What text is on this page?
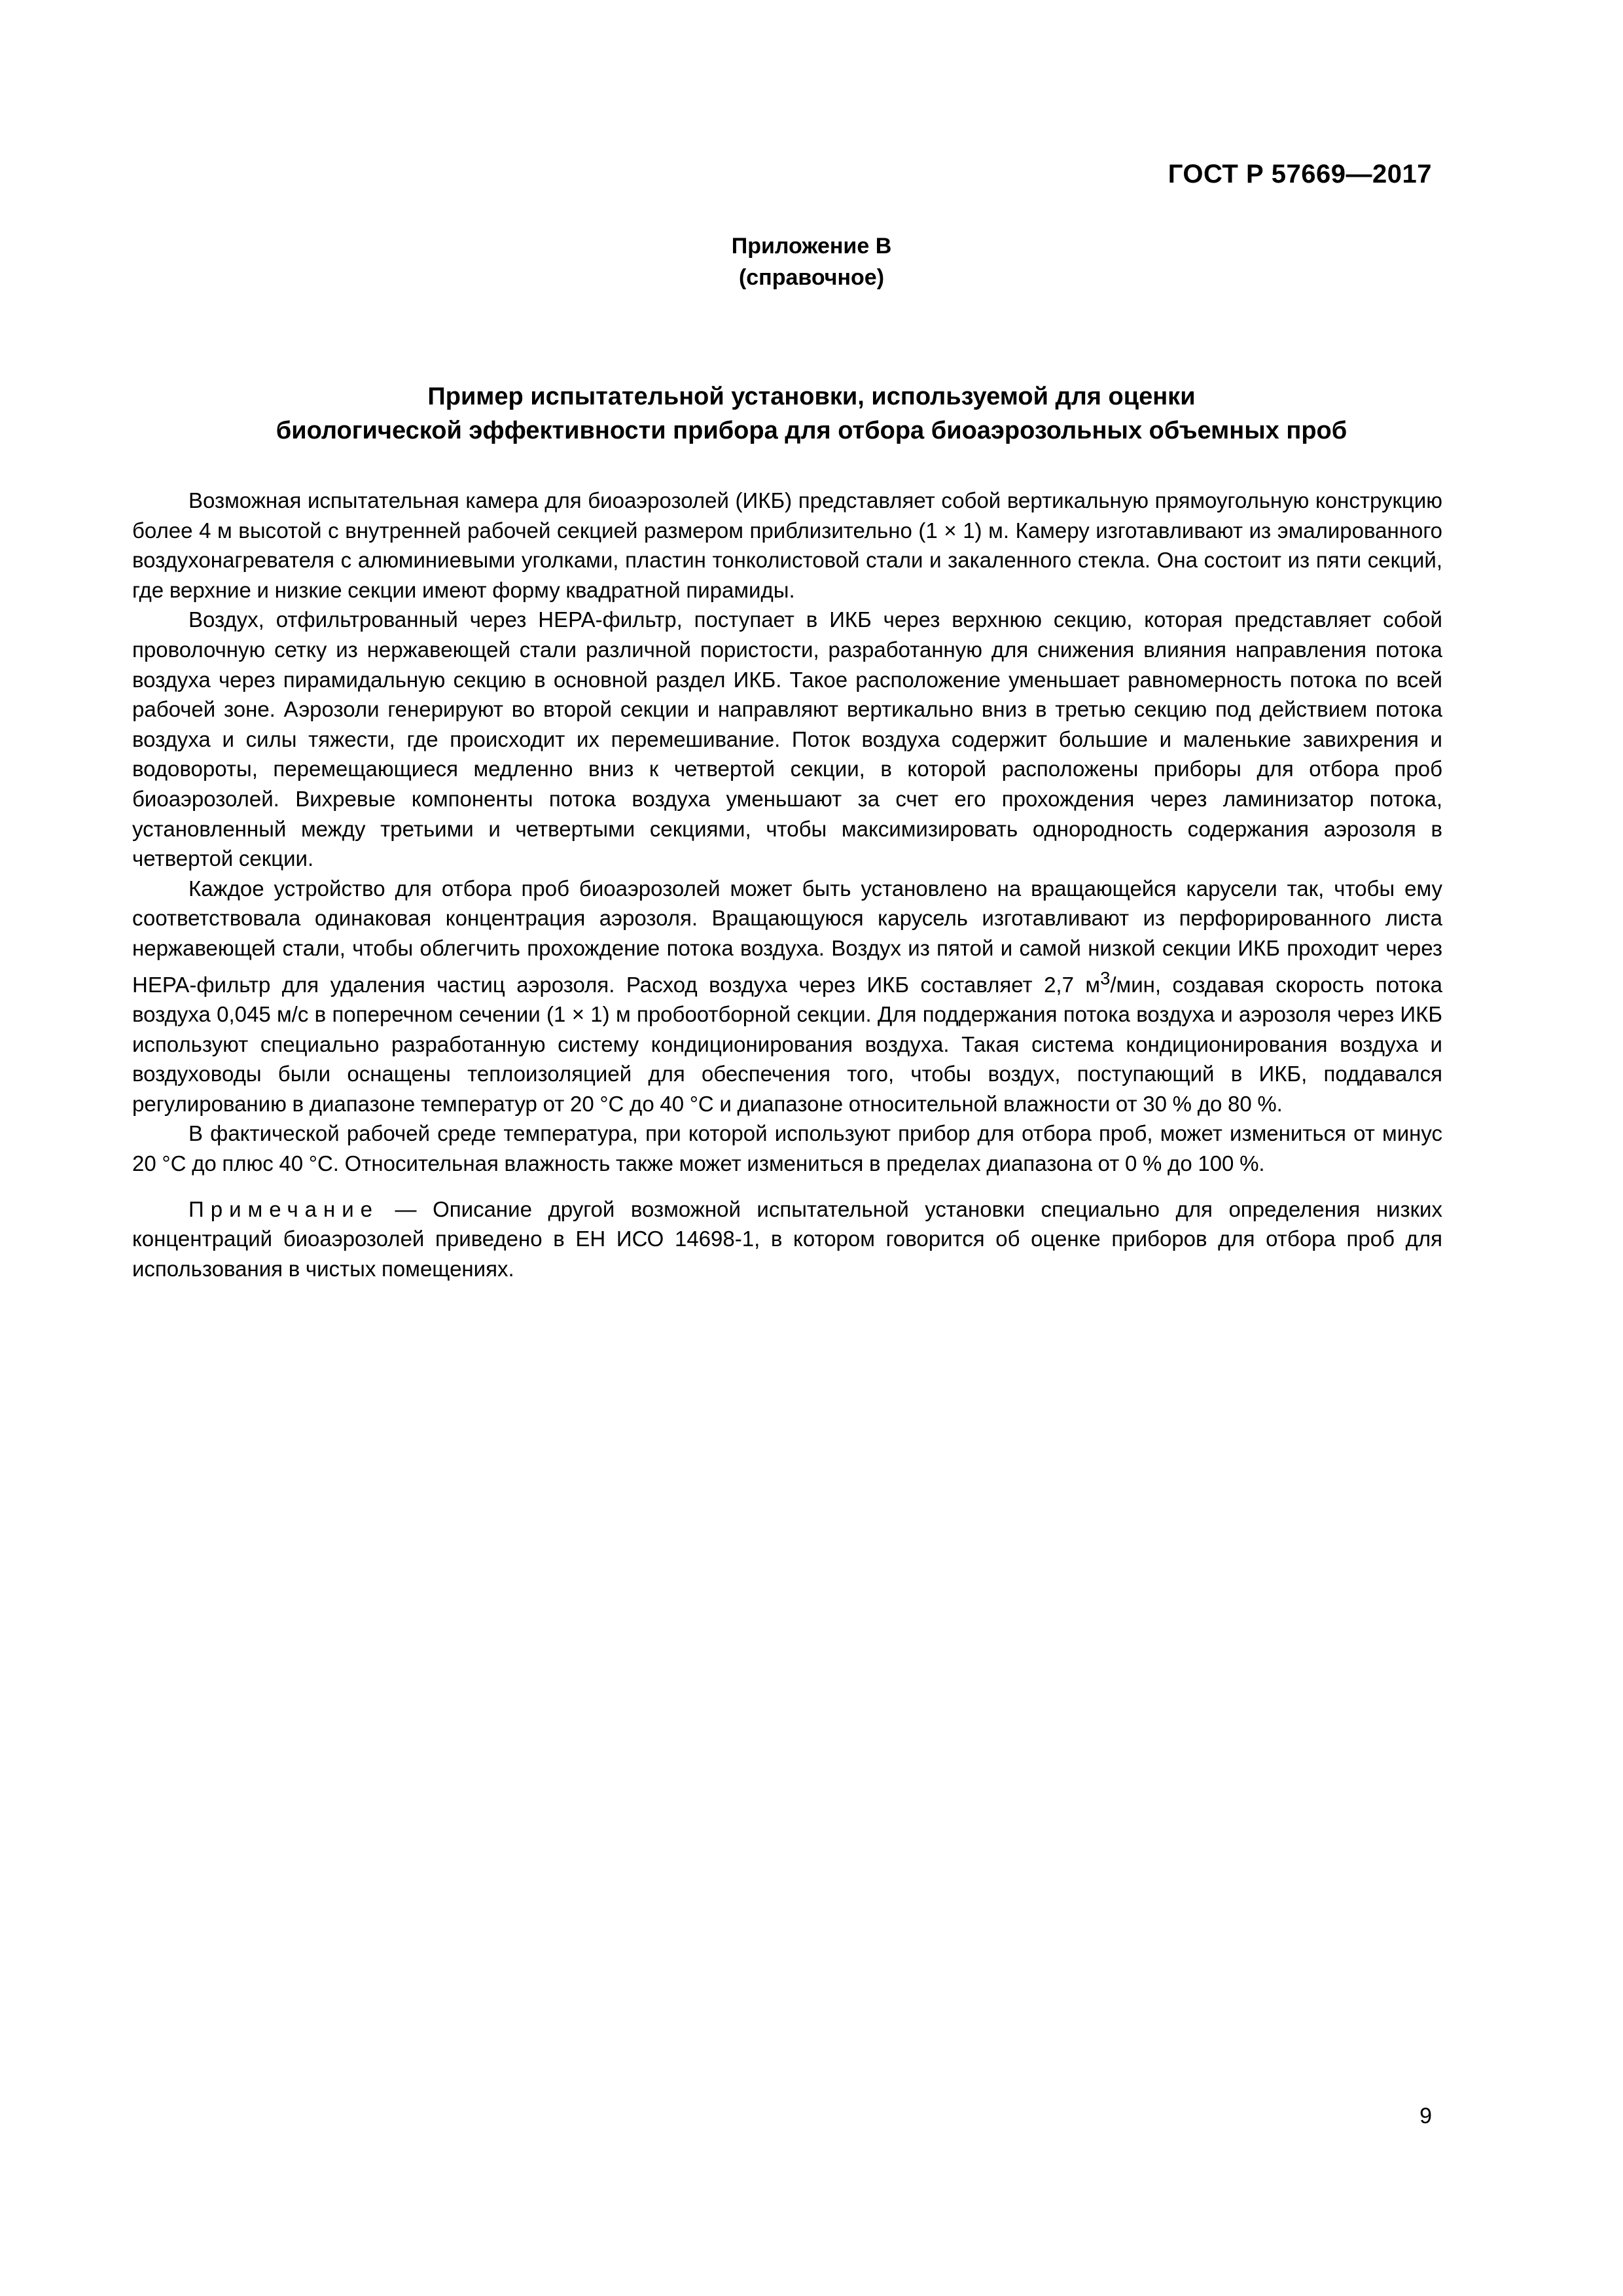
ГОСТ Р 57669—2017
Приложение В
(справочное)
Пример испытательной установки, используемой для оценки
биологической эффективности прибора для отбора биоаэрозольных объемных проб

Возможная испытательная камера для биоаэрозолей (ИКБ) представляет собой вертикальную прямоугольную конструкцию более 4 м высотой с внутренней рабочей секцией размером приблизительно (1 × 1) м. Камеру изготавливают из эмалированного воздухонагревателя с алюминиевыми уголками, пластин тонколистовой стали и закаленного стекла. Она состоит из пяти секций, где верхние и низкие секции имеют форму квадратной пирамиды.

Воздух, отфильтрованный через HEPA-фильтр, поступает в ИКБ через верхнюю секцию, которая представляет собой проволочную сетку из нержавеющей стали различной пористости, разработанную для снижения влияния направления потока воздуха через пирамидальную секцию в основной раздел ИКБ. Такое расположение уменьшает равномерность потока по всей рабочей зоне. Аэрозоли генерируют во второй секции и направляют вертикально вниз в третью секцию под действием потока воздуха и силы тяжести, где происходит их перемешивание. Поток воздуха содержит большие и маленькие завихрения и водовороты, перемещающиеся медленно вниз к четвертой секции, в которой расположены приборы для отбора проб биоаэрозолей. Вихревые компоненты потока воздуха уменьшают за счет его прохождения через ламинизатор потока, установленный между третьими и четвертыми секциями, чтобы максимизировать однородность содержания аэрозоля в четвертой секции.

Каждое устройство для отбора проб биоаэрозолей может быть установлено на вращающейся карусели так, чтобы ему соответствовала одинаковая концентрация аэрозоля. Вращающуюся карусель изготавливают из перфорированного листа нержавеющей стали, чтобы облегчить прохождение потока воздуха. Воздух из пятой и самой низкой секции ИКБ проходит через HEPA-фильтр для удаления частиц аэрозоля. Расход воздуха через ИКБ составляет 2,7 $м^3$/мин, создавая скорость потока воздуха 0,045 м/с в поперечном сечении (1 × 1) м пробоотборной секции. Для поддержания потока воздуха и аэрозоля через ИКБ используют специально разработанную систему кондиционирования воздуха. Такая система кондиционирования воздуха и воздуховоды были оснащены теплоизоляцией для обеспечения того, чтобы воздух, поступающий в ИКБ, поддавался регулированию в диапазоне температур от 20 °С до 40 °С и диапазоне относительной влажности от 30 % до 80 %.

В фактической рабочей среде температура, при которой используют прибор для отбора проб, может измениться от минус 20 °С до плюс 40 °С. Относительная влажность также может измениться в пределах диапазона от 0 % до 100 %.

Примечание — Описание другой возможной испытательной установки специально для определения низких концентраций биоаэрозолей приведено в ЕН ИСО 14698-1, в котором говорится об оценке приборов для отбора проб для использования в чистых помещениях.

9
